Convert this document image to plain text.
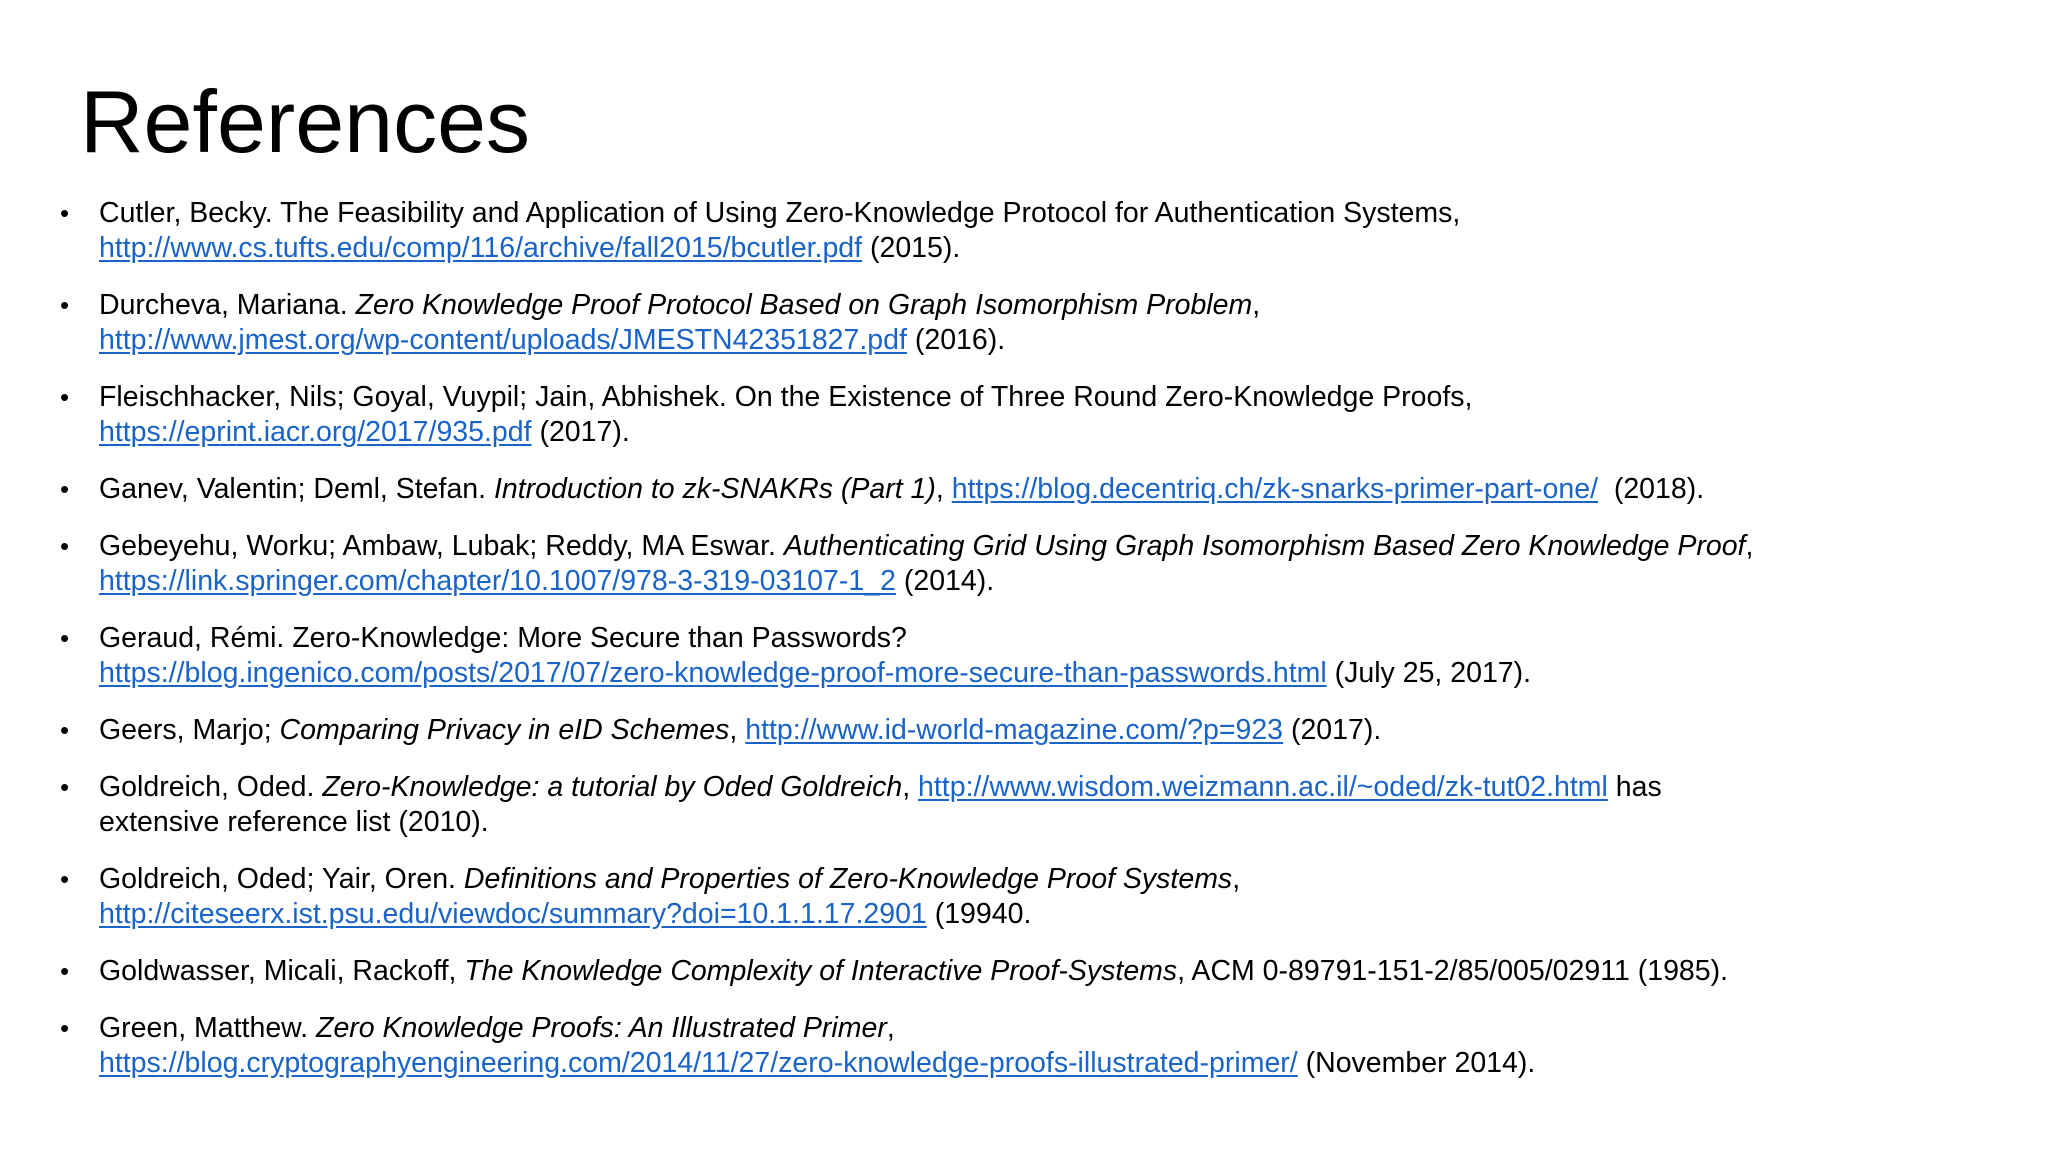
References
• Cutler, Becky. The Feasibility and Application of Using Zero-Knowledge Protocol for Authentication Systems,
http://www.cs.tufts.edu/comp/116/archive/fall2015/bcutler.pdf (2015).
• Durcheva, Mariana. Zero Knowledge Proof Protocol Based on Graph Isomorphism Problem,
http://www.jmest.org/wp-content/uploads/JMESTN42351827.pdf (2016).
• Fleischhacker, Nils; Goyal, Vuypil; Jain, Abhishek. On the Existence of Three Round Zero-Knowledge Proofs,
https://eprint.iacr.org/2017/935.pdf (2017).
• Ganev, Valentin; Deml, Stefan. Introduction to zk-SNAKRs (Part 1), https://blog.decentriq.ch/zk-snarks-primer-part-one/  (2018).
• Gebeyehu, Worku; Ambaw, Lubak; Reddy, MA Eswar. Authenticating Grid Using Graph Isomorphism Based Zero Knowledge Proof,
https://link.springer.com/chapter/10.1007/978-3-319-03107-1_2 (2014).
• Geraud, Rémi. Zero-Knowledge: More Secure than Passwords?
https://blog.ingenico.com/posts/2017/07/zero-knowledge-proof-more-secure-than-passwords.html (July 25, 2017).
• Geers, Marjo; Comparing Privacy in eID Schemes, http://www.id-world-magazine.com/?p=923 (2017).
• Goldreich, Oded. Zero-Knowledge: a tutorial by Oded Goldreich, http://www.wisdom.weizmann.ac.il/~oded/zk-tut02.html has
extensive reference list (2010).
• Goldreich, Oded; Yair, Oren. Definitions and Properties of Zero-Knowledge Proof Systems,
http://citeseerx.ist.psu.edu/viewdoc/summary?doi=10.1.1.17.2901 (19940.
• Goldwasser, Micali, Rackoff, The Knowledge Complexity of Interactive Proof-Systems, ACM 0-89791-151-2/85/005/02911 (1985).
• Green, Matthew. Zero Knowledge Proofs: An Illustrated Primer,
https://blog.cryptographyengineering.com/2014/11/27/zero-knowledge-proofs-illustrated-primer/ (November 2014).
